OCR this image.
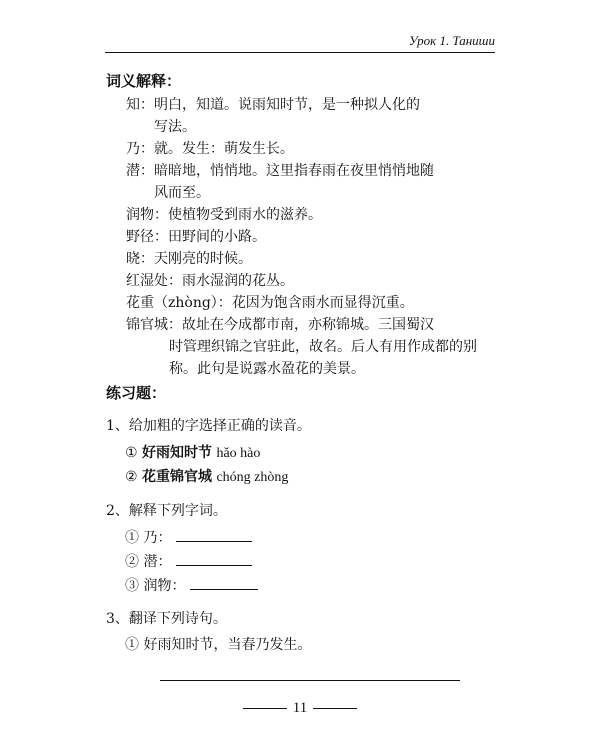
Урок 1. Таниши
词义解释：
知：明白，知道。说雨知时节，是一种拟人化的
写法。
乃：就。发生：萌发生长。
潜：暗暗地，悄悄地。这里指春雨在夜里悄悄地随
风而至。
润物：使植物受到雨水的滋养。
野径：田野间的小路。
晓：天刚亮的时候。
红湿处：雨水湿润的花丛。
花重（zhòng）：花因为饱含雨水而显得沉重。
锦官城：故址在今成都市南，亦称锦城。三国蜀汉
时管理织锦之官驻此，故名。后人有用作成都的别称。此句是说露水盈花的美景。
练习题：
1、给加粗的字选择正确的读音。
① 好雨知时节 hǎo hào
② 花重锦官城 chóng zhòng
2、解释下列字词。
① 乃：
② 潜：
③ 润物：
3、翻译下列诗句。
① 好雨知时节，当春乃发生。
11
